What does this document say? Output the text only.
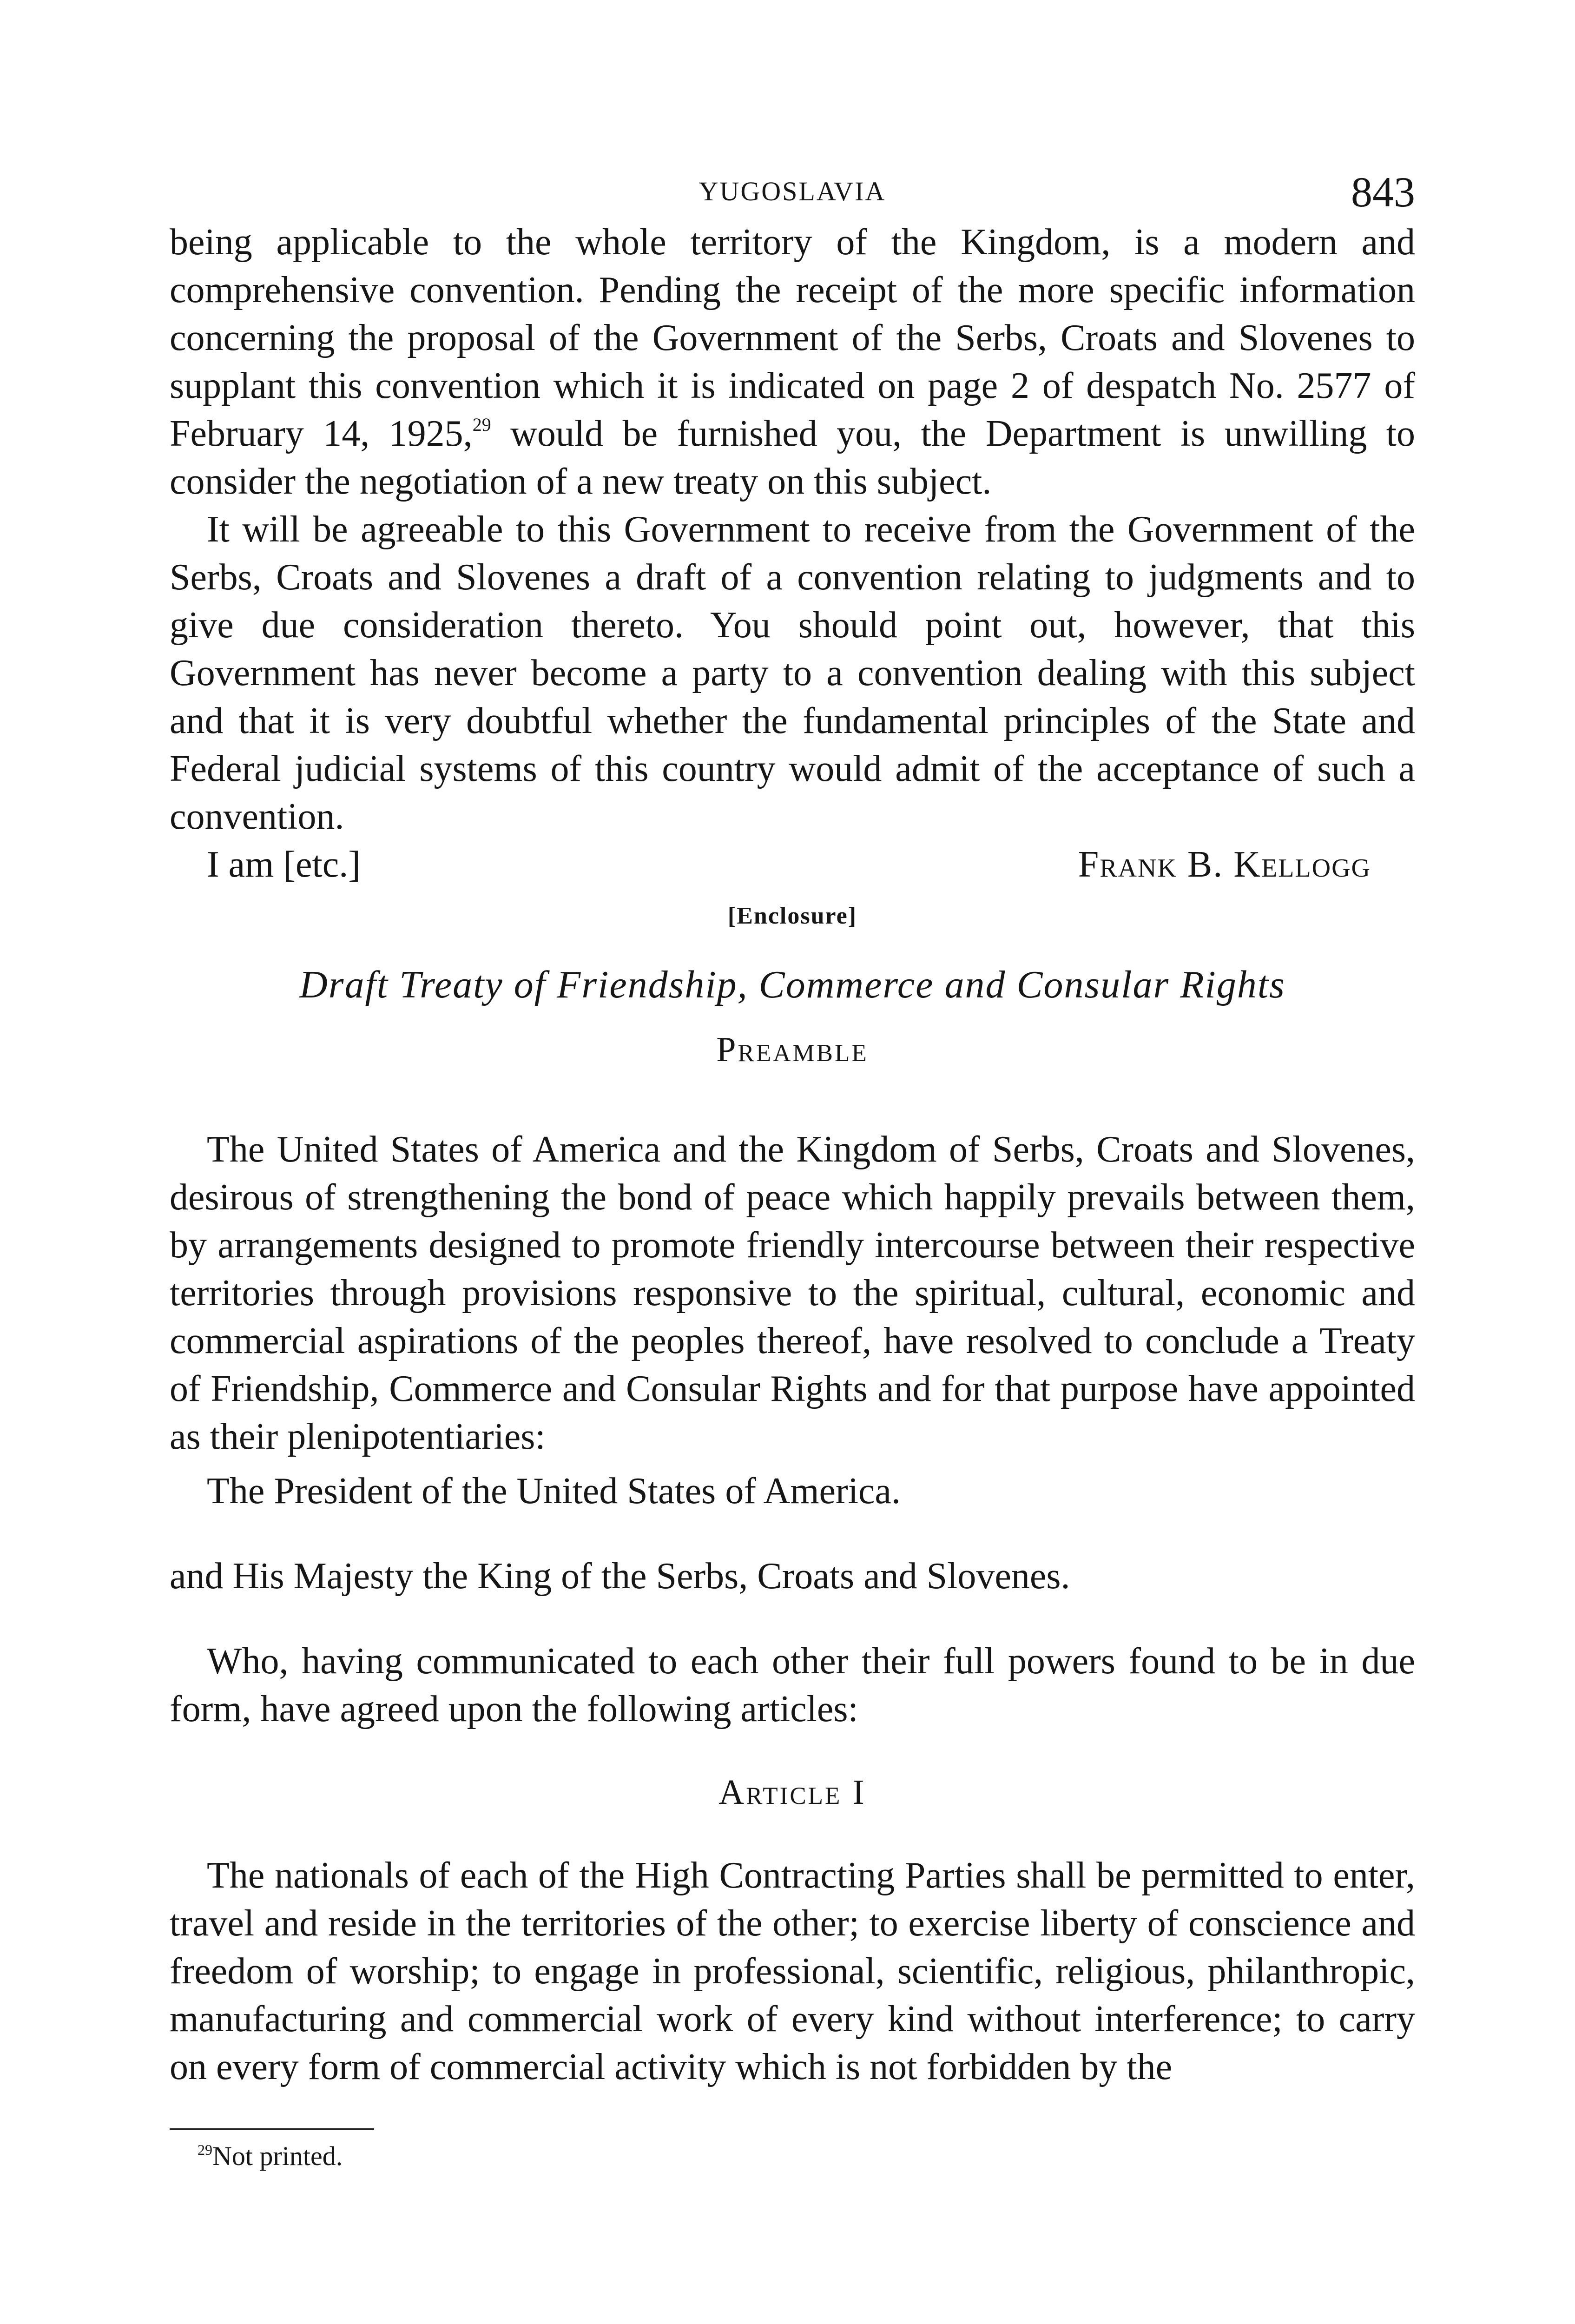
YUGOSLAVIA	843

being applicable to the whole territory of the Kingdom, is a modern and comprehensive convention. Pending the receipt of the more specific information concerning the proposal of the Government of the Serbs, Croats and Slovenes to supplant this convention which it is indicated on page 2 of despatch No. 2577 of February 14, 1925,29 would be furnished you, the Department is unwilling to consider the negotiation of a new treaty on this subject.

It will be agreeable to this Government to receive from the Government of the Serbs, Croats and Slovenes a draft of a convention relating to judgments and to give due consideration thereto. You should point out, however, that this Government has never become a party to a convention dealing with this subject and that it is very doubtful whether the fundamental principles of the State and Federal judicial systems of this country would admit of the acceptance of such a convention.

I am [etc.]	Frank B. Kellogg
[Enclosure]
Draft Treaty of Friendship, Commerce and Consular Rights
Preamble

The United States of America and the Kingdom of Serbs, Croats and Slovenes, desirous of strengthening the bond of peace which happily prevails between them, by arrangements designed to promote friendly intercourse between their respective territories through provisions responsive to the spiritual, cultural, economic and commercial aspirations of the peoples thereof, have resolved to conclude a Treaty of Friendship, Commerce and Consular Rights and for that purpose have appointed as their plenipotentiaries:

The President of the United States of America.
and His Majesty the King of the Serbs, Croats and Slovenes.

Who, having communicated to each other their full powers found to be in due form, have agreed upon the following articles:

Article I

The nationals of each of the High Contracting Parties shall be permitted to enter, travel and reside in the territories of the other; to exercise liberty of conscience and freedom of worship; to engage in professional, scientific, religious, philanthropic, manufacturing and commercial work of every kind without interference; to carry on every form of commercial activity which is not forbidden by the

$^{29}$Not printed.
